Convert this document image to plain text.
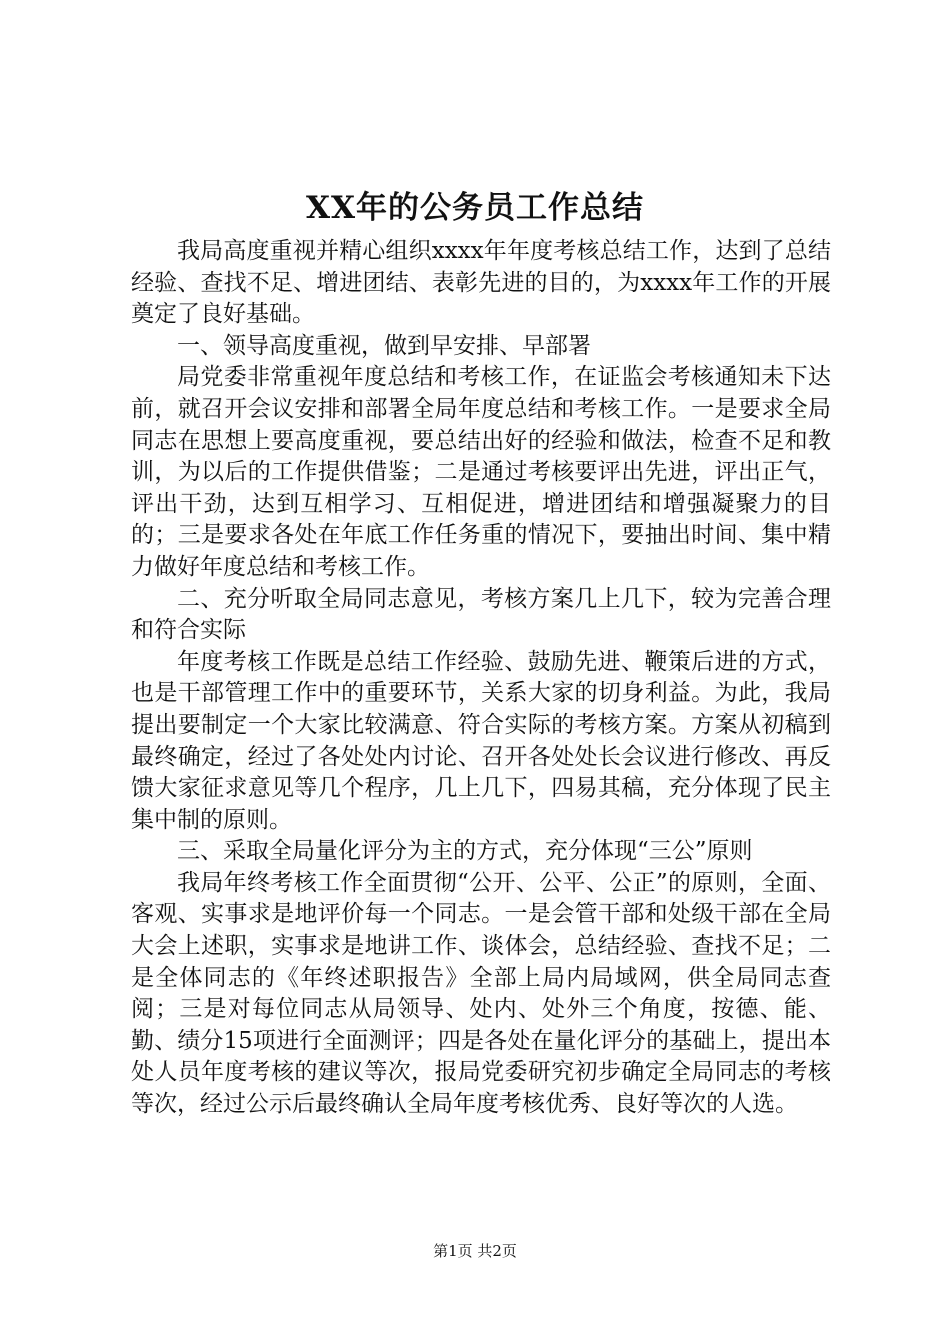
XX年的公务员工作总结

我局高度重视并精心组织xxxx年年度考核总结工作，达到了总结经验、查找不足、增进团结、表彰先进的目的，为xxxx年工作的开展奠定了良好基础。

一、领导高度重视，做到早安排、早部署

局党委非常重视年度总结和考核工作，在证监会考核通知未下达前，就召开会议安排和部署全局年度总结和考核工作。一是要求全局同志在思想上要高度重视，要总结出好的经验和做法，检查不足和教训，为以后的工作提供借鉴；二是通过考核要评出先进，评出正气，评出干劲，达到互相学习、互相促进，增进团结和增强凝聚力的目的；三是要求各处在年底工作任务重的情况下，要抽出时间、集中精力做好年度总结和考核工作。

二、充分听取全局同志意见，考核方案几上几下，较为完善合理和符合实际

年度考核工作既是总结工作经验、鼓励先进、鞭策后进的方式，也是干部管理工作中的重要环节，关系大家的切身利益。为此，我局提出要制定一个大家比较满意、符合实际的考核方案。方案从初稿到最终确定，经过了各处处内讨论、召开各处处长会议进行修改、再反馈大家征求意见等几个程序，几上几下，四易其稿，充分体现了民主集中制的原则。

三、采取全局量化评分为主的方式，充分体现“三公”原则

我局年终考核工作全面贯彻“公开、公平、公正”的原则，全面、客观、实事求是地评价每一个同志。一是会管干部和处级干部在全局大会上述职，实事求是地讲工作、谈体会，总结经验、查找不足；二是全体同志的《年终述职报告》全部上局内局域网，供全局同志查阅；三是对每位同志从局领导、处内、处外三个角度，按德、能、勤、绩分15项进行全面测评；四是各处在量化评分的基础上，提出本处人员年度考核的建议等次，报局党委研究初步确定全局同志的考核等次，经过公示后最终确认全局年度考核优秀、良好等次的人选。

第1页 共2页
